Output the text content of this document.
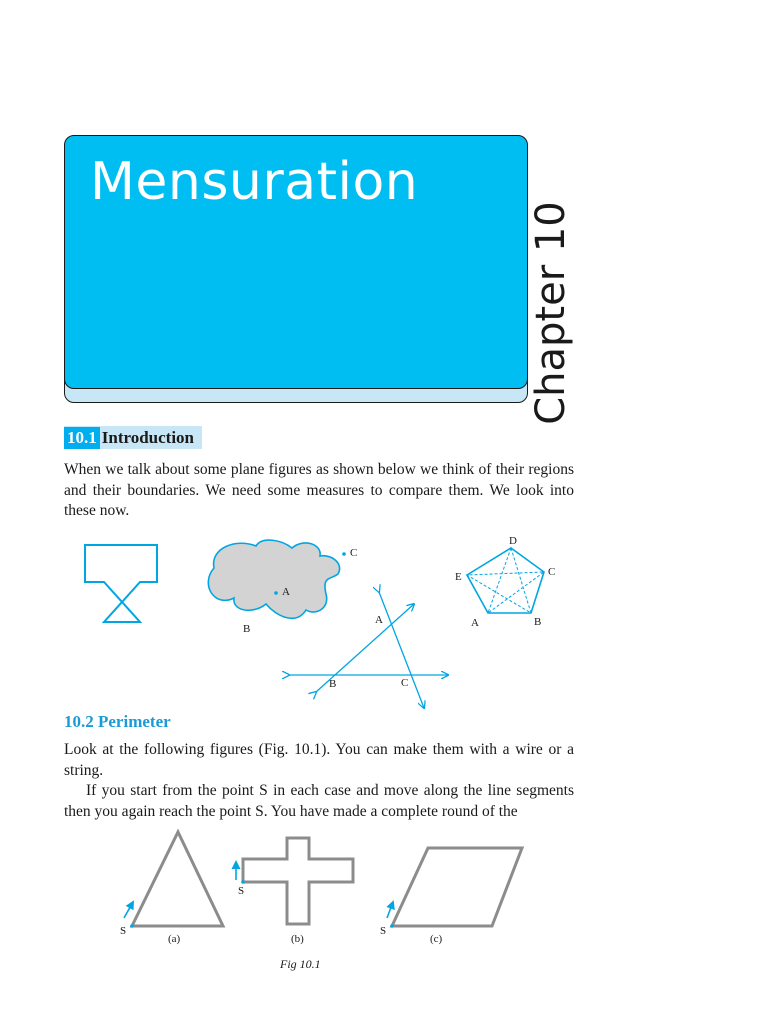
Mensuration
Chapter 10
10.1 Introduction

When we talk about some plane figures as shown below we think of their regions and their boundaries. We need some measures to compare them. We look into these now.

C
A
B
A
B	C
D
E	C
A	B
S
(a)
S
(b)
S
(c)
10.2 Perimeter

Look at the following figures (Fig. 10.1). You can make them with a wire or a string.
If you start from the point S in each case and move along the line segments then you again reach the point S. You have made a complete round of the

Fig 10.1
